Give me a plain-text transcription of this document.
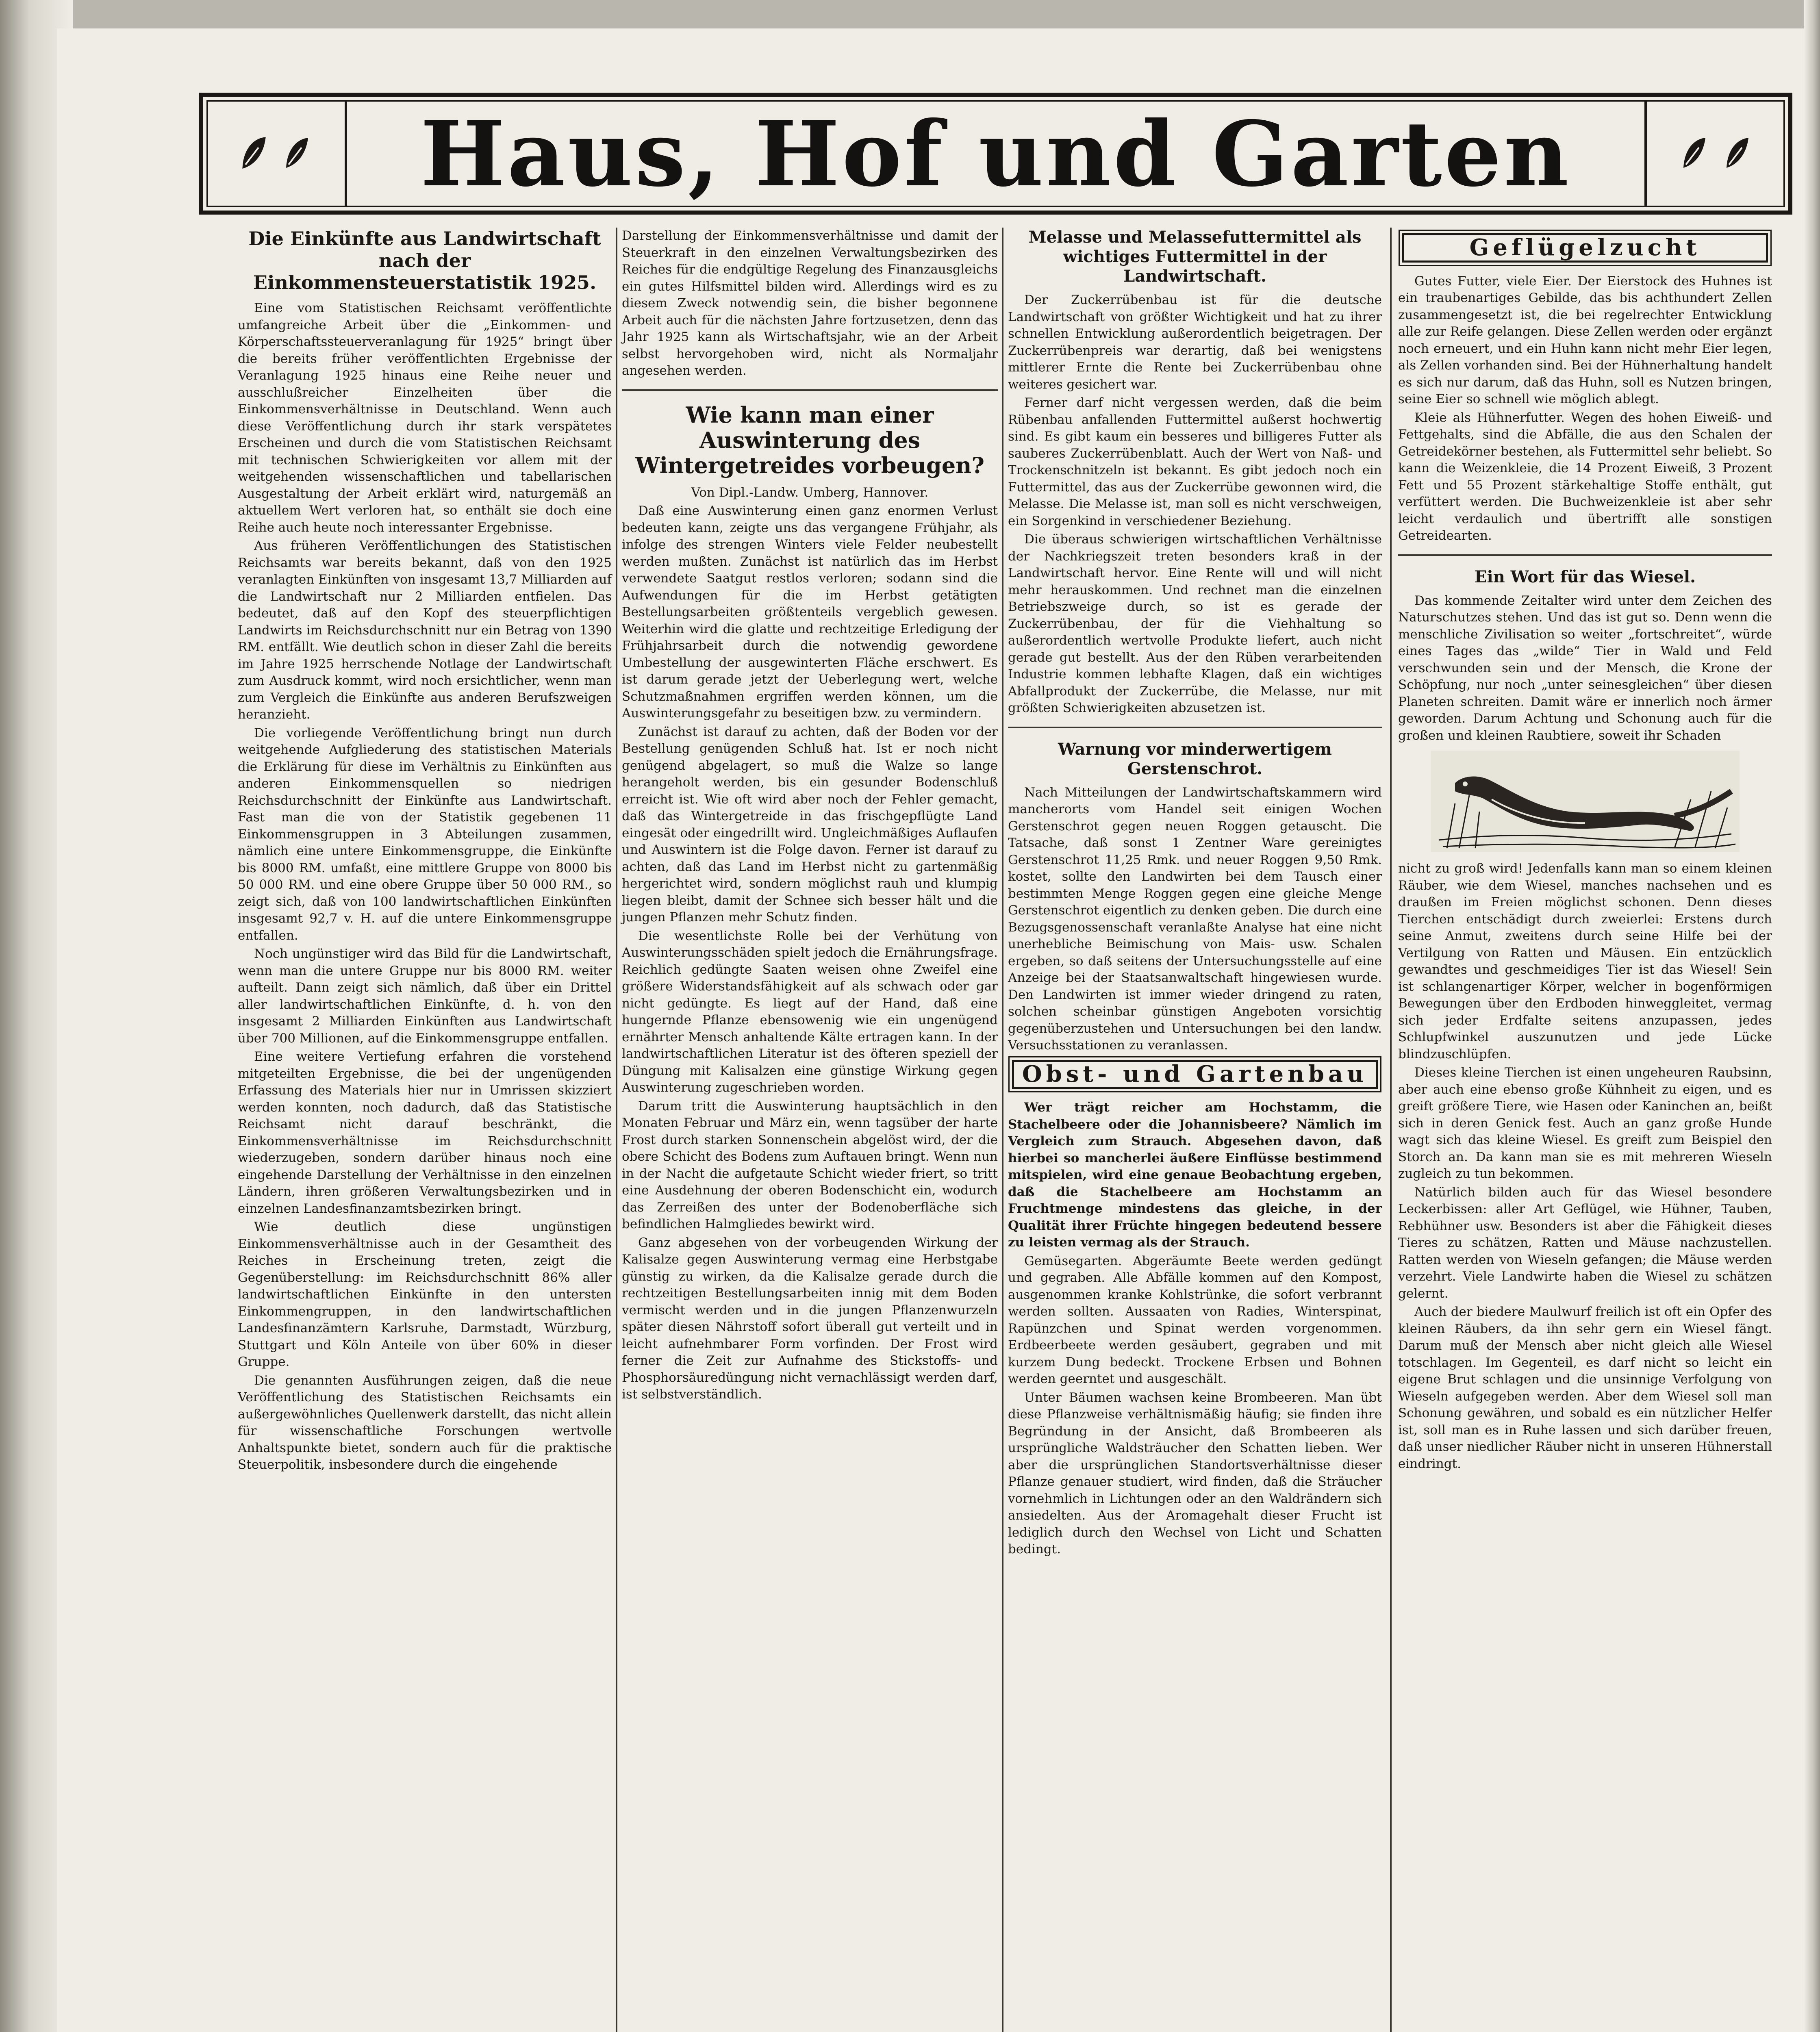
Haus, Hof und Garten
Die Einkünfte aus Landwirtschaft nach der Einkommensteuerstatistik 1925.

Eine vom Statistischen Reichsamt veröffentlichte umfangreiche Arbeit über die „Einkommen- und Körperschaftssteuerveranlagung für 1925“ bringt über die bereits früher veröffentlichten Ergebnisse der Veranlagung 1925 hinaus eine Reihe neuer und ausschlußreicher Einzelheiten über die Einkommensverhältnisse in Deutschland. Wenn auch diese Veröffentlichung durch ihr stark verspätetes Erscheinen und durch die vom Statistischen Reichsamt mit technischen Schwierigkeiten vor allem mit der weitgehenden wissenschaftlichen und tabellarischen Ausgestaltung der Arbeit erklärt wird, naturgemäß an aktuellem Wert verloren hat, so enthält sie doch eine Reihe auch heute noch interessanter Ergebnisse.

Aus früheren Veröffentlichungen des Statistischen Reichsamts war bereits bekannt, daß von den 1925 veranlagten Einkünften von insgesamt 13,7 Milliarden auf die Landwirtschaft nur 2 Milliarden entfielen. Das bedeutet, daß auf den Kopf des steuerpflichtigen Landwirts im Reichsdurchschnitt nur ein Betrag von 1390 RM. entfällt. Wie deutlich schon in dieser Zahl die bereits im Jahre 1925 herrschende Notlage der Landwirtschaft zum Ausdruck kommt, wird noch ersichtlicher, wenn man zum Vergleich die Einkünfte aus anderen Berufszweigen heranzieht.

Die vorliegende Veröffentlichung bringt nun durch weitgehende Aufgliederung des statistischen Materials die Erklärung für diese im Verhältnis zu Einkünften aus anderen Einkommensquellen so niedrigen Reichsdurchschnitt der Einkünfte aus Landwirtschaft. Fast man die von der Statistik gegebenen 11 Einkommensgruppen in 3 Abteilungen zusammen, nämlich eine untere Einkommensgruppe, die Einkünfte bis 8000 RM. umfaßt, eine mittlere Gruppe von 8000 bis 50 000 RM. und eine obere Gruppe über 50 000 RM., so zeigt sich, daß von 100 landwirtschaftlichen Einkünften insgesamt 92,7 v. H. auf die untere Einkommensgruppe entfallen.

Noch ungünstiger wird das Bild für die Landwirtschaft, wenn man die untere Gruppe nur bis 8000 RM. weiter aufteilt. Dann zeigt sich nämlich, daß über ein Drittel aller landwirtschaftlichen Einkünfte, d. h. von den insgesamt 2 Milliarden Einkünften aus Landwirtschaft über 700 Millionen, auf die Einkommensgruppe entfallen.

Eine weitere Vertiefung erfahren die vorstehend mitgeteilten Ergebnisse, die bei der ungenügenden Erfassung des Materials hier nur in Umrissen skizziert werden konnten, noch dadurch, daß das Statistische Reichsamt nicht darauf beschränkt, die Einkommensverhältnisse im Reichsdurchschnitt wiederzugeben, sondern darüber hinaus noch eine eingehende Darstellung der Verhältnisse in den einzelnen Ländern, ihren größeren Verwaltungsbezirken und in einzelnen Landesfinanzamtsbezirken bringt.

Wie deutlich diese ungünstigen Einkommensverhältnisse auch in der Gesamtheit des Reiches in Erscheinung treten, zeigt die Gegenüberstellung: im Reichsdurchschnitt 86% aller landwirtschaftlichen Einkünfte in den untersten Einkommengruppen, in den landwirtschaftlichen Landesfinanzämtern Karlsruhe, Darmstadt, Würzburg, Stuttgart und Köln Anteile von über 60% in dieser Gruppe.

Die genannten Ausführungen zeigen, daß die neue Veröffentlichung des Statistischen Reichsamts ein außergewöhnliches Quellenwerk darstellt, das nicht allein für wissenschaftliche Forschungen wertvolle Anhaltspunkte bietet, sondern auch für die praktische Steuerpolitik, insbesondere durch die eingehende

Darstellung der Einkommensverhältnisse und damit der Steuerkraft in den einzelnen Verwaltungsbezirken des Reiches für die endgültige Regelung des Finanzausgleichs ein gutes Hilfsmittel bilden wird. Allerdings wird es zu diesem Zweck notwendig sein, die bisher begonnene Arbeit auch für die nächsten Jahre fortzusetzen, denn das Jahr 1925 kann als Wirtschaftsjahr, wie an der Arbeit selbst hervorgehoben wird, nicht als Normaljahr angesehen werden.

Wie kann man einer Auswinterung des Wintergetreides vorbeugen?

Von Dipl.-Landw. Umberg, Hannover.

Daß eine Auswinterung einen ganz enormen Verlust bedeuten kann, zeigte uns das vergangene Frühjahr, als infolge des strengen Winters viele Felder neubestellt werden mußten. Zunächst ist natürlich das im Herbst verwendete Saatgut restlos verloren; sodann sind die Aufwendungen für die im Herbst getätigten Bestellungsarbeiten größtenteils vergeblich gewesen. Weiterhin wird die glatte und rechtzeitige Erledigung der Frühjahrsarbeit durch die notwendig gewordene Umbestellung der ausgewinterten Fläche erschwert. Es ist darum gerade jetzt der Ueberlegung wert, welche Schutzmaßnahmen ergriffen werden können, um die Auswinterungsgefahr zu beseitigen bzw. zu vermindern.

Zunächst ist darauf zu achten, daß der Boden vor der Bestellung genügenden Schluß hat. Ist er noch nicht genügend abgelagert, so muß die Walze so lange herangeholt werden, bis ein gesunder Bodenschluß erreicht ist. Wie oft wird aber noch der Fehler gemacht, daß das Wintergetreide in das frischgepflügte Land eingesät oder eingedrillt wird. Ungleichmäßiges Auflaufen und Auswintern ist die Folge davon. Ferner ist darauf zu achten, daß das Land im Herbst nicht zu gartenmäßig hergerichtet wird, sondern möglichst rauh und klumpig liegen bleibt, damit der Schnee sich besser hält und die jungen Pflanzen mehr Schutz finden.

Die wesentlichste Rolle bei der Verhütung von Auswinterungsschäden spielt jedoch die Ernährungsfrage. Reichlich gedüngte Saaten weisen ohne Zweifel eine größere Widerstandsfähigkeit auf als schwach oder gar nicht gedüngte. Es liegt auf der Hand, daß eine hungernde Pflanze ebensowenig wie ein ungenügend ernährter Mensch anhaltende Kälte ertragen kann. In der landwirtschaftlichen Literatur ist des öfteren speziell der Düngung mit Kalisalzen eine günstige Wirkung gegen Auswinterung zugeschrieben worden.

Darum tritt die Auswinterung hauptsächlich in den Monaten Februar und März ein, wenn tagsüber der harte Frost durch starken Sonnenschein abgelöst wird, der die obere Schicht des Bodens zum Auftauen bringt. Wenn nun in der Nacht die aufgetaute Schicht wieder friert, so tritt eine Ausdehnung der oberen Bodenschicht ein, wodurch das Zerreißen des unter der Bodenoberfläche sich befindlichen Halmgliedes bewirkt wird.

Ganz abgesehen von der vorbeugenden Wirkung der Kalisalze gegen Auswinterung vermag eine Herbstgabe günstig zu wirken, da die Kalisalze gerade durch die rechtzeitigen Bestellungsarbeiten innig mit dem Boden vermischt werden und in die jungen Pflanzenwurzeln später diesen Nährstoff sofort überall gut verteilt und in leicht aufnehmbarer Form vorfinden. Der Frost wird ferner die Zeit zur Aufnahme des Stickstoffs- und Phosphorsäuredüngung nicht vernachlässigt werden darf, ist selbstverständlich.

Melasse und Melassefuttermittel als wichtiges Futtermittel in der Landwirtschaft.

Der Zuckerrübenbau ist für die deutsche Landwirtschaft von größter Wichtigkeit und hat zu ihrer schnellen Entwicklung außerordentlich beigetragen. Der Zuckerrübenpreis war derartig, daß bei wenigstens mittlerer Ernte die Rente bei Zuckerrübenbau ohne weiteres gesichert war.

Ferner darf nicht vergessen werden, daß die beim Rübenbau anfallenden Futtermittel außerst hochwertig sind. Es gibt kaum ein besseres und billigeres Futter als sauberes Zuckerrübenblatt. Auch der Wert von Naß- und Trockenschnitzeln ist bekannt. Es gibt jedoch noch ein Futtermittel, das aus der Zuckerrübe gewonnen wird, die Melasse. Die Melasse ist, man soll es nicht verschweigen, ein Sorgenkind in verschiedener Beziehung.

Die überaus schwierigen wirtschaftlichen Verhältnisse der Nachkriegszeit treten besonders kraß in der Landwirtschaft hervor. Eine Rente will und will nicht mehr herauskommen. Und rechnet man die einzelnen Betriebszweige durch, so ist es gerade der Zuckerrübenbau, der für die Viehhaltung so außerordentlich wertvolle Produkte liefert, auch nicht gerade gut bestellt. Aus der den Rüben verarbeitenden Industrie kommen lebhafte Klagen, daß ein wichtiges Abfallprodukt der Zuckerrübe, die Melasse, nur mit größten Schwierigkeiten abzusetzen ist.

Warnung vor minderwertigem Gerstenschrot.

Nach Mitteilungen der Landwirtschaftskammern wird mancherorts vom Handel seit einigen Wochen Gerstenschrot gegen neuen Roggen getauscht. Die Tatsache, daß sonst 1 Zentner Ware gereinigtes Gerstenschrot 11,25 Rmk. und neuer Roggen 9,50 Rmk. kostet, sollte den Landwirten bei dem Tausch einer bestimmten Menge Roggen gegen eine gleiche Menge Gerstenschrot eigentlich zu denken geben. Die durch eine Bezugsgenossenschaft veranlaßte Analyse hat eine nicht unerhebliche Beimischung von Mais- usw. Schalen ergeben, so daß seitens der Untersuchungsstelle auf eine Anzeige bei der Staatsanwaltschaft hingewiesen wurde. Den Landwirten ist immer wieder dringend zu raten, solchen scheinbar günstigen Angeboten vorsichtig gegenüberzustehen und Untersuchungen bei den landw. Versuchsstationen zu veranlassen.

Obst- und Gartenbau

Wer trägt reicher am Hochstamm, die Stachelbeere oder die Johannisbeere? Nämlich im Vergleich zum Strauch. Abgesehen davon, daß hierbei so mancherlei äußere Einflüsse bestimmend mitspielen, wird eine genaue Beobachtung ergeben, daß die Stachelbeere am Hochstamm an Fruchtmenge mindestens das gleiche, in der Qualität ihrer Früchte hingegen bedeutend bessere zu leisten vermag als der Strauch.

Gemüsegarten. Abgeräumte Beete werden gedüngt und gegraben. Alle Abfälle kommen auf den Kompost, ausgenommen kranke Kohlstrünke, die sofort verbrannt werden sollten. Aussaaten von Radies, Winterspinat, Rapünzchen und Spinat werden vorgenommen. Erdbeerbeete werden gesäubert, gegraben und mit kurzem Dung bedeckt. Trockene Erbsen und Bohnen werden geerntet und ausgeschält.

Unter Bäumen wachsen keine Brombeeren. Man übt diese Pflanzweise verhältnismäßig häufig; sie finden ihre Begründung in der Ansicht, daß Brombeeren als ursprüngliche Waldsträucher den Schatten lieben. Wer aber die ursprünglichen Standortsverhältnisse dieser Pflanze genauer studiert, wird finden, daß die Sträucher vornehmlich in Lichtungen oder an den Waldrändern sich ansiedelten. Aus der Aromagehalt dieser Frucht ist lediglich durch den Wechsel von Licht und Schatten bedingt.

Geflügelzucht

Gutes Futter, viele Eier. Der Eierstock des Huhnes ist ein traubenartiges Gebilde, das bis achthundert Zellen zusammengesetzt ist, die bei regelrechter Entwicklung alle zur Reife gelangen. Diese Zellen werden oder ergänzt noch erneuert, und ein Huhn kann nicht mehr Eier legen, als Zellen vorhanden sind. Bei der Hühnerhaltung handelt es sich nur darum, daß das Huhn, soll es Nutzen bringen, seine Eier so schnell wie möglich ablegt.

Kleie als Hühnerfutter. Wegen des hohen Eiweiß- und Fettgehalts, sind die Abfälle, die aus den Schalen der Getreidekörner bestehen, als Futtermittel sehr beliebt. So kann die Weizenkleie, die 14 Prozent Eiweiß, 3 Prozent Fett und 55 Prozent stärkehaltige Stoffe enthält, gut verfüttert werden. Die Buchweizenkleie ist aber sehr leicht verdaulich und übertrifft alle sonstigen Getreidearten.

Ein Wort für das Wiesel.

Das kommende Zeitalter wird unter dem Zeichen des Naturschutzes stehen. Und das ist gut so. Denn wenn die menschliche Zivilisation so weiter „fortschreitet“, würde eines Tages das „wilde“ Tier in Wald und Feld verschwunden sein und der Mensch, die Krone der Schöpfung, nur noch „unter seinesgleichen“ über diesen Planeten schreiten. Damit wäre er innerlich noch ärmer geworden. Darum Achtung und Schonung auch für die großen und kleinen Raubtiere, soweit ihr Schaden

nicht zu groß wird! Jedenfalls kann man so einem kleinen Räuber, wie dem Wiesel, manches nachsehen und es draußen im Freien möglichst schonen. Denn dieses Tierchen entschädigt durch zweierlei: Erstens durch seine Anmut, zweitens durch seine Hilfe bei der Vertilgung von Ratten und Mäusen. Ein entzücklich gewandtes und geschmeidiges Tier ist das Wiesel! Sein ist schlangenartiger Körper, welcher in bogenförmigen Bewegungen über den Erdboden hinweggleitet, vermag sich jeder Erdfalte seitens anzupassen, jedes Schlupfwinkel auszunutzen und jede Lücke blindzuschlüpfen.

Dieses kleine Tierchen ist einen ungeheuren Raubsinn, aber auch eine ebenso große Kühnheit zu eigen, und es greift größere Tiere, wie Hasen oder Kaninchen an, beißt sich in deren Genick fest. Auch an ganz große Hunde wagt sich das kleine Wiesel. Es greift zum Beispiel den Storch an. Da kann man sie es mit mehreren Wieseln zugleich zu tun bekommen.

Natürlich bilden auch für das Wiesel besondere Leckerbissen: aller Art Geflügel, wie Hühner, Tauben, Rebhühner usw. Besonders ist aber die Fähigkeit dieses Tieres zu schätzen, Ratten und Mäuse nachzustellen. Ratten werden von Wieseln gefangen; die Mäuse werden verzehrt. Viele Landwirte haben die Wiesel zu schätzen gelernt.

Auch der biedere Maulwurf freilich ist oft ein Opfer des kleinen Räubers, da ihn sehr gern ein Wiesel fängt. Darum muß der Mensch aber nicht gleich alle Wiesel totschlagen. Im Gegenteil, es darf nicht so leicht ein eigene Brut schlagen und die unsinnige Verfolgung von Wieseln aufgegeben werden. Aber dem Wiesel soll man Schonung gewähren, und sobald es ein nützlicher Helfer ist, soll man es in Ruhe lassen und sich darüber freuen, daß unser niedlicher Räuber nicht in unseren Hühnerstall eindringt.
